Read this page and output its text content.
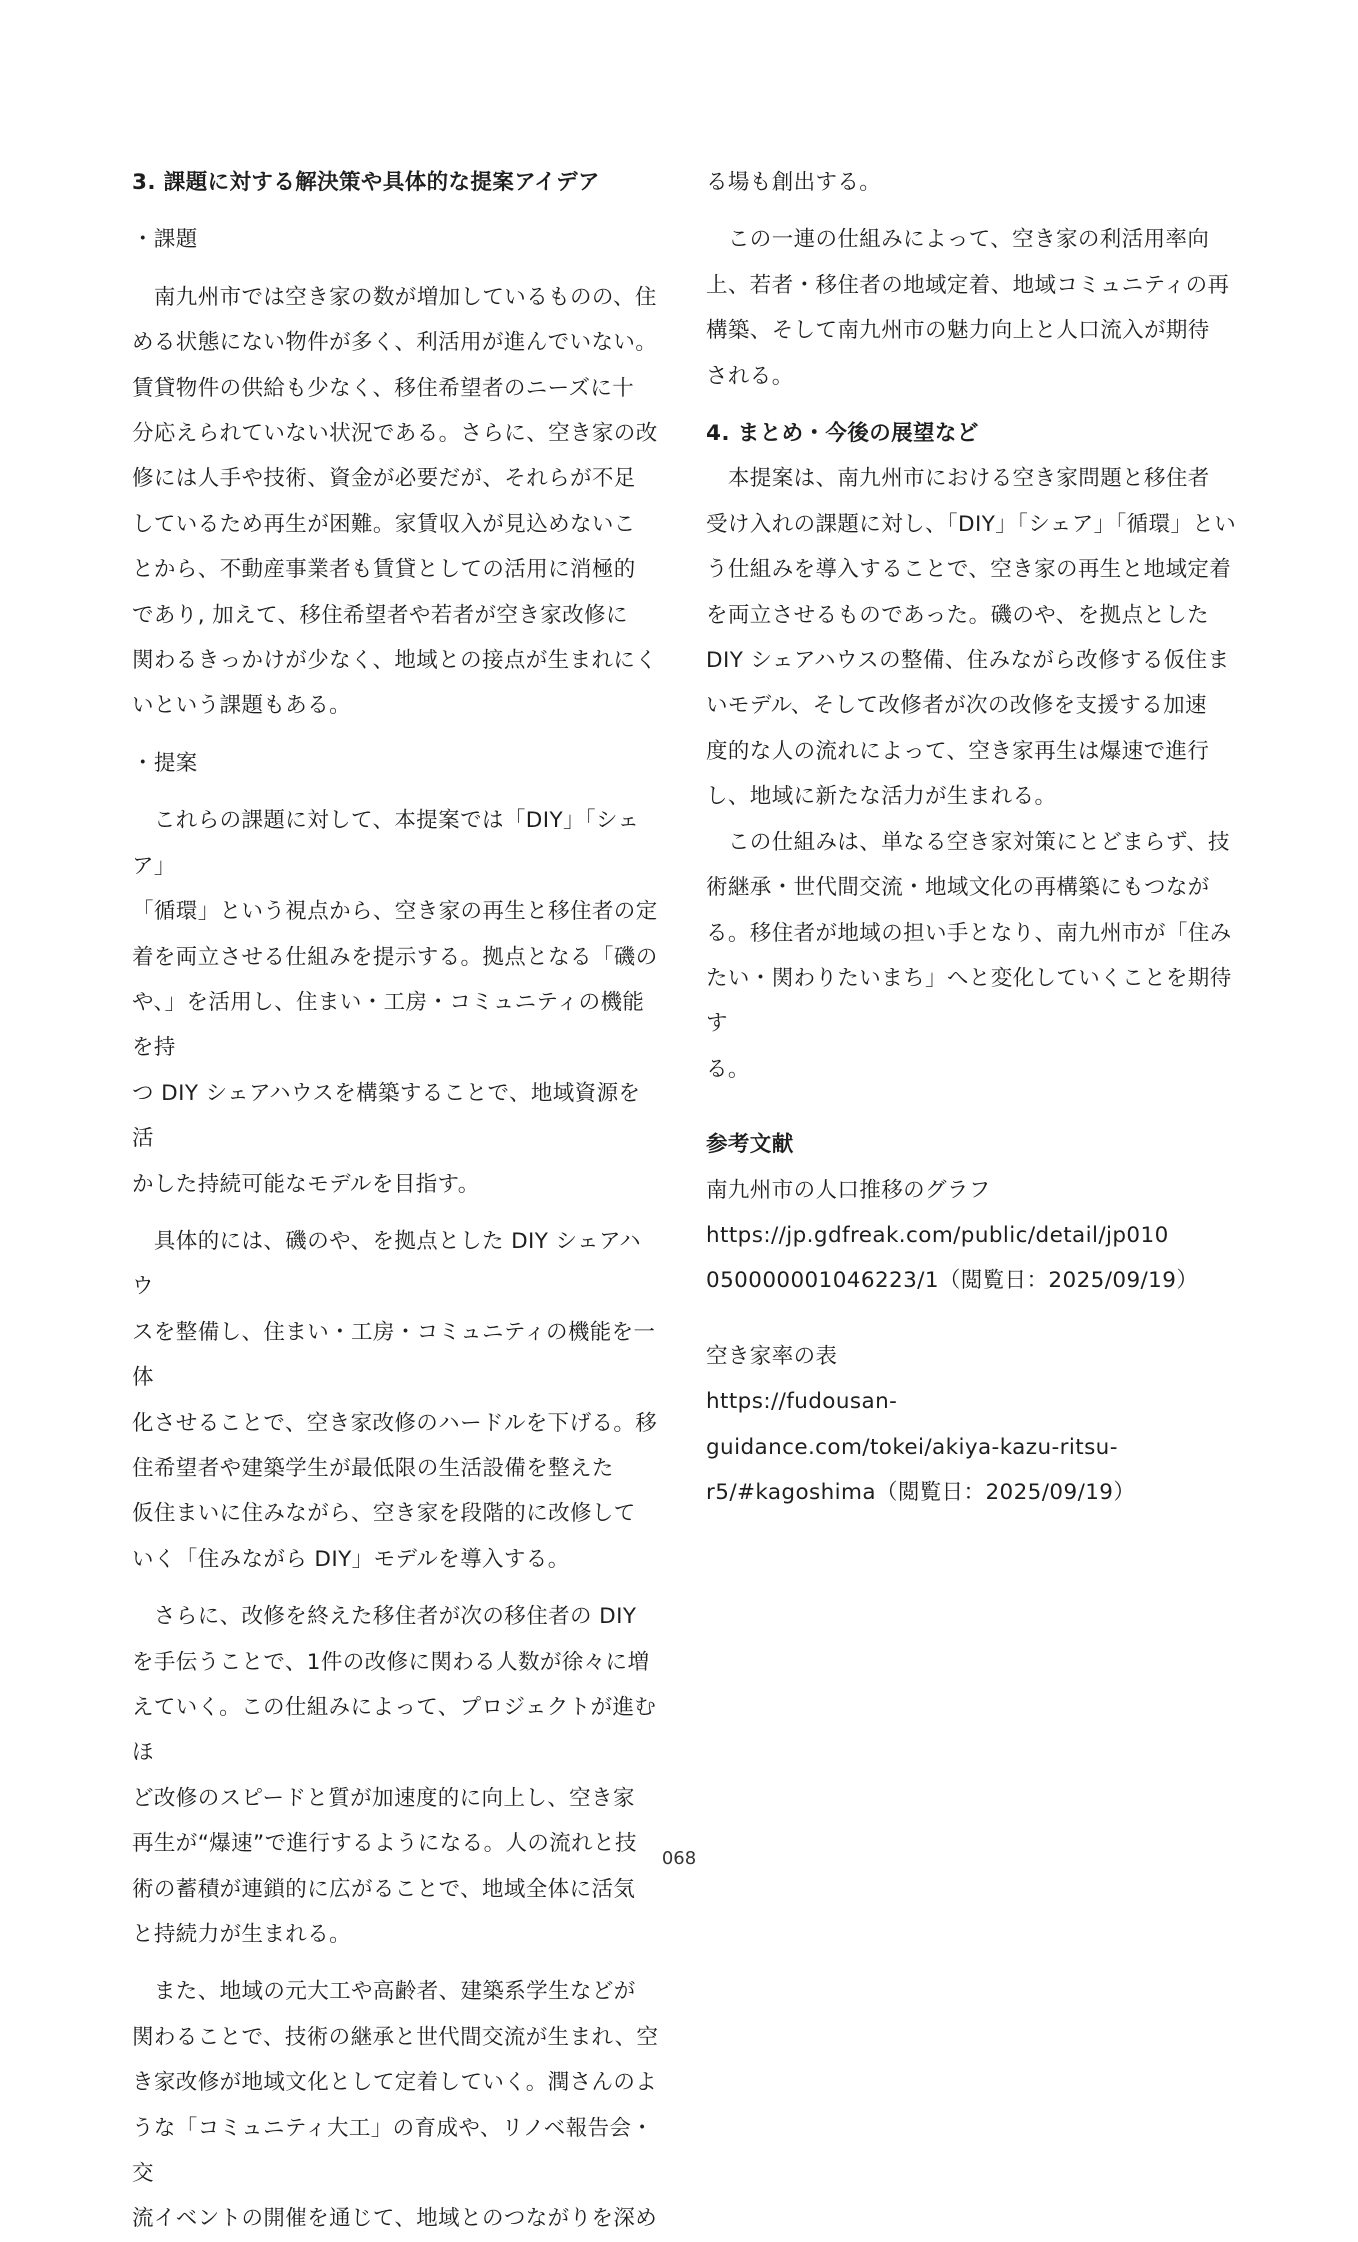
3. 課題に対する解決策や具体的な提案アイデア

・課題

　南九州市では空き家の数が増加しているものの、住
める状態にない物件が多く、利活用が進んでいない。
賃貸物件の供給も少なく、移住希望者のニーズに十
分応えられていない状況である。さらに、空き家の改
修には人手や技術、資金が必要だが、それらが不足
しているため再生が困難。家賃収入が見込めないこ
とから、不動産事業者も賃貸としての活用に消極的
であり, 加えて、移住希望者や若者が空き家改修に
関わるきっかけが少なく、地域との接点が生まれにく
いという課題もある。

・提案

　これらの課題に対して、本提案では「DIY」「シェア」
「循環」という視点から、空き家の再生と移住者の定
着を両立させる仕組みを提示する。拠点となる「磯の
や、」を活用し、住まい・工房・コミュニティの機能を持
つ DIY シェアハウスを構築することで、地域資源を活
かした持続可能なモデルを目指す。

　具体的には、磯のや、を拠点とした DIY シェアハウ
スを整備し、住まい・工房・コミュニティの機能を一体
化させることで、空き家改修のハードルを下げる。移
住希望者や建築学生が最低限の生活設備を整えた
仮住まいに住みながら、空き家を段階的に改修して
いく「住みながら DIY」モデルを導入する。

　さらに、改修を終えた移住者が次の移住者の DIY
を手伝うことで、1件の改修に関わる人数が徐々に増
えていく。この仕組みによって、プロジェクトが進むほ
ど改修のスピードと質が加速度的に向上し、空き家
再生が“爆速”で進行するようになる。人の流れと技
術の蓄積が連鎖的に広がることで、地域全体に活気
と持続力が生まれる。

　また、地域の元大工や高齢者、建築系学生などが
関わることで、技術の継承と世代間交流が生まれ、空
き家改修が地域文化として定着していく。潤さんのよ
うな「コミュニティ大工」の育成や、リノベ報告会・交
流イベントの開催を通じて、地域とのつながりを深め

る場も創出する。

　この一連の仕組みによって、空き家の利活用率向
上、若者・移住者の地域定着、地域コミュニティの再
構築、そして南九州市の魅力向上と人口流入が期待
される。

4. まとめ・今後の展望など

　本提案は、南九州市における空き家問題と移住者
受け入れの課題に対し、「DIY」「シェア」「循環」とい
う仕組みを導入することで、空き家の再生と地域定着
を両立させるものであった。磯のや、を拠点とした
DIY シェアハウスの整備、住みながら改修する仮住ま
いモデル、そして改修者が次の改修を支援する加速
度的な人の流れによって、空き家再生は爆速で進行
し、地域に新たな活力が生まれる。

　この仕組みは、単なる空き家対策にとどまらず、技
術継承・世代間交流・地域文化の再構築にもつなが
る。移住者が地域の担い手となり、南九州市が「住み
たい・関わりたいまち」へと変化していくことを期待す
る。

参考文献

南九州市の人口推移のグラフ

https://jp.gdfreak.com/public/detail/jp010
050000001046223/1（閲覧日：2025/09/19）

空き家率の表

https://fudousan-
guidance.com/tokei/akiya-kazu-ritsu-
r5/#kagoshima（閲覧日：2025/09/19）

068
